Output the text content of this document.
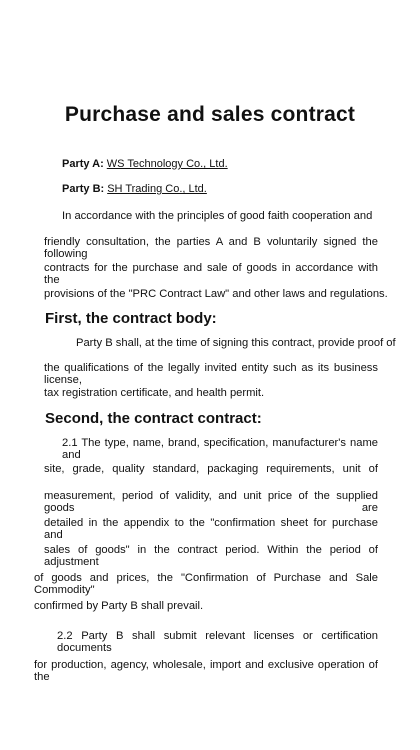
Purchase and sales contract
Party A: WS Technology Co., Ltd.
Party B: SH Trading Co., Ltd.
In accordance with the principles of good faith cooperation and
friendly consultation, the parties A and B voluntarily signed the following
contracts for the purchase and sale of goods in accordance with the
provisions of the "PRC Contract Law" and other laws and regulations.
First, the contract body:
Party B shall, at the time of signing this contract, provide proof of
the qualifications of the legally invited entity such as its business license,
tax registration certificate, and health permit.
Second, the contract contract:
2.1 The type, name, brand, specification, manufacturer's name and
site, grade, quality standard, packaging requirements, unit of
measurement, period of validity, and unit price of the supplied goods are
detailed in the appendix to the "confirmation sheet for purchase and
sales of goods" in the contract period. Within the period of adjustment
of goods and prices, the "Confirmation of Purchase and Sale Commodity"
confirmed by Party B shall prevail.
2.2 Party B shall submit relevant licenses or certification documents
for production, agency, wholesale, import and exclusive operation of the
